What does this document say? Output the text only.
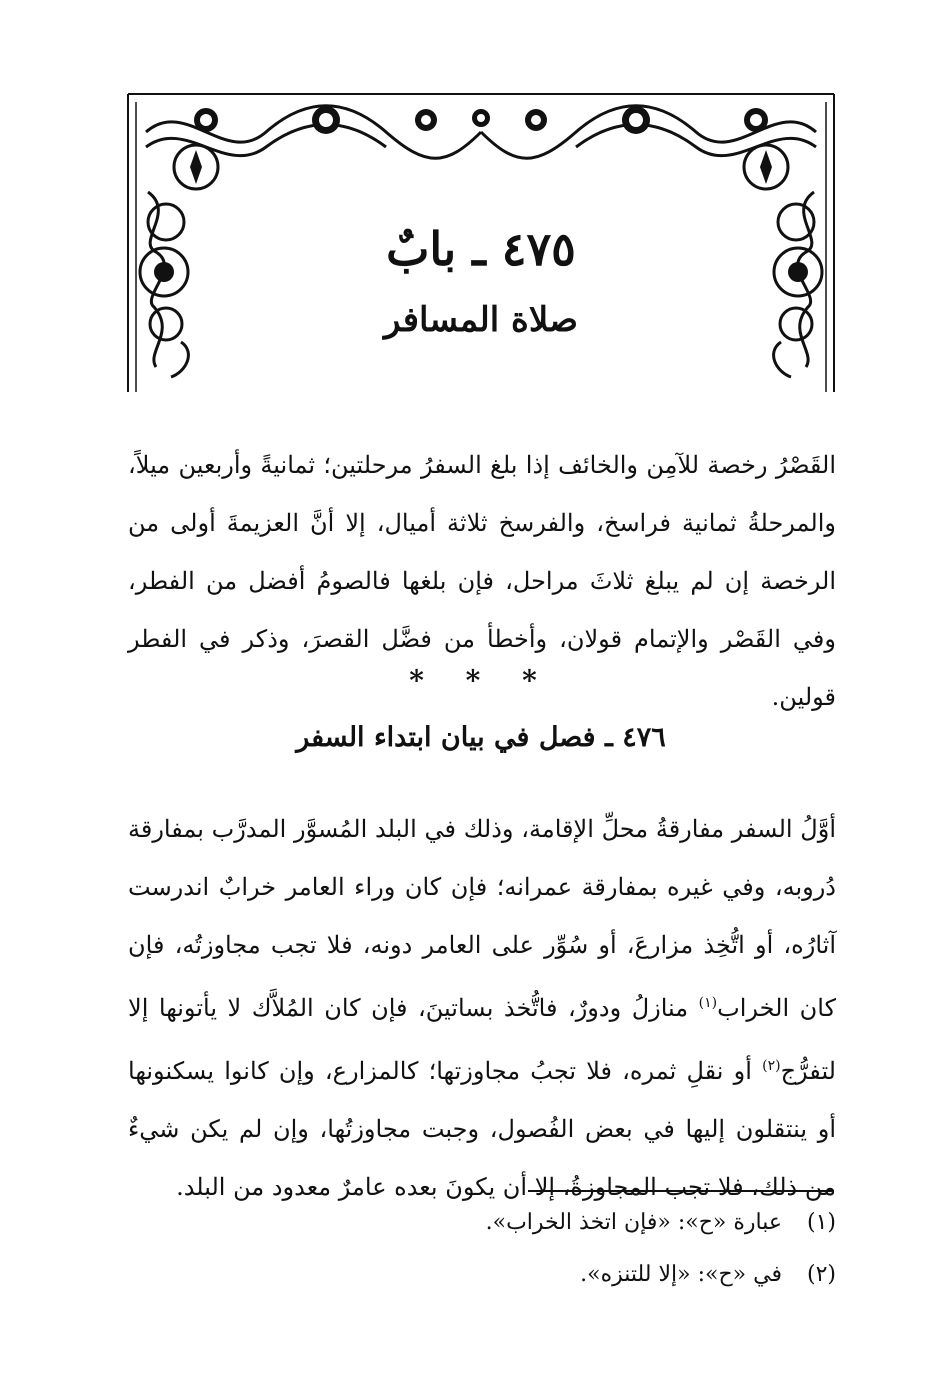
٤٧٥ ـ بابٌ
صلاة المسافر
القَصْرُ رخصة للآمِن والخائف إذا بلغ السفرُ مرحلتين؛ ثمانيةً وأربعين ميلاً، والمرحلةُ ثمانية فراسخ، والفرسخ ثلاثة أميال، إلا أنَّ العزيمةَ أولى من الرخصة إن لم يبلغ ثلاثَ مراحل، فإن بلغها فالصومُ أفضل من الفطر، وفي القَصْر والإتمام قولان، وأخطأ من فضَّل القصرَ، وذكر في الفطر قولين.
* * *
٤٧٦ ـ فصل في بيان ابتداء السفر
أوَّلُ السفر مفارقةُ محلِّ الإقامة، وذلك في البلد المُسوَّر المدرَّب بمفارقة دُروبه، وفي غيره بمفارقة عمرانه؛ فإن كان وراء العامر خرابٌ اندرست آثارُه، أو اتُّخِذ مزارعَ، أو سُوِّر على العامر دونه، فلا تجب مجاوزتُه، فإن كان الخراب$^{(١)}$ منازلُ ودورٌ، فاتُّخذ بساتينَ، فإن كان المُلاَّك لا يأتونها إلا لتفرُّج$^{(٢)}$ أو نقلِ ثمره، فلا تجبُ مجاوزتها؛ كالمزارع، وإن كانوا يسكنونها أو ينتقلون إليها في بعض الفُصول، وجبت مجاوزتُها، وإن لم يكن شيءٌ من ذلك، فلا تجب المجاوزةُ، إلا أن يكونَ بعده عامرٌ معدود من البلد.
(١)عبارة «ح»: «فإن اتخذ الخراب».
(٢)في «ح»: «إلا للتنزه».
